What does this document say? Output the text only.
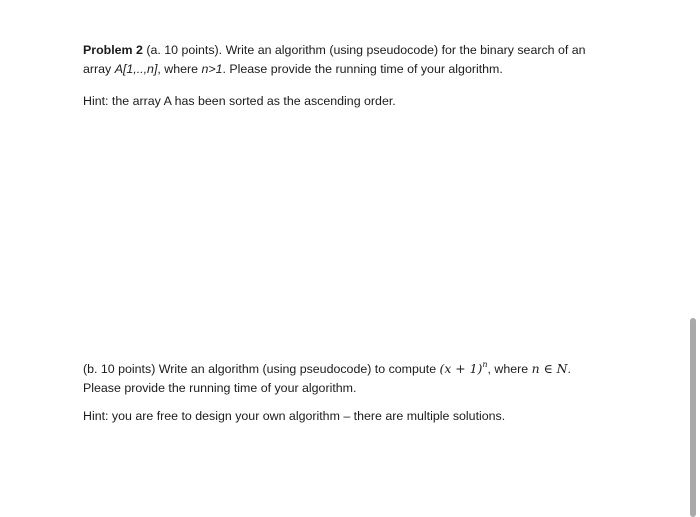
Problem 2 (a. 10 points). Write an algorithm (using pseudocode) for the binary search of an

array A[1,..,n], where n>1. Please provide the running time of your algorithm.

Hint: the array A has been sorted as the ascending order.

(b. 10 points) Write an algorithm (using pseudocode) to compute $(x + 1)^n$, where n ∈ N.

Please provide the running time of your algorithm.

Hint: you are free to design your own algorithm – there are multiple solutions.
